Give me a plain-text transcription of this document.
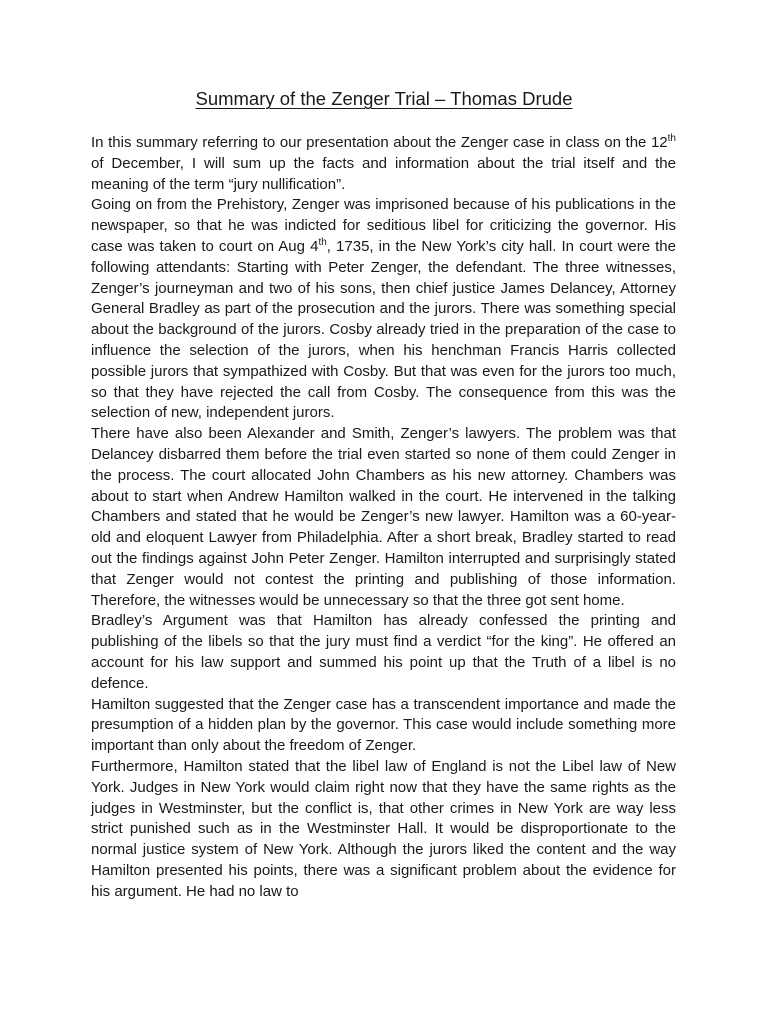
Summary of the Zenger Trial – Thomas Drude

In this summary referring to our presentation about the Zenger case in class on the 12th of December, I will sum up the facts and information about the trial itself and the meaning of the term “jury nullification”.

Going on from the Prehistory, Zenger was imprisoned because of his publications in the newspaper, so that he was indicted for seditious libel for criticizing the governor. His case was taken to court on Aug 4th, 1735, in the New York’s city hall. In court were the following attendants: Starting with Peter Zenger, the defendant. The three witnesses, Zenger’s journeyman and two of his sons, then chief justice James Delancey, Attorney General Bradley as part of the prosecution and the jurors. There was something special about the background of the jurors. Cosby already tried in the preparation of the case to influence the selection of the jurors, when his henchman Francis Harris collected possible jurors that sympathized with Cosby. But that was even for the jurors too much, so that they have rejected the call from Cosby. The consequence from this was the selection of new, independent jurors.

There have also been Alexander and Smith, Zenger’s lawyers. The problem was that Delancey disbarred them before the trial even started so none of them could Zenger in the process. The court allocated John Chambers as his new attorney. Chambers was about to start when Andrew Hamilton walked in the court. He intervened in the talking Chambers and stated that he would be Zenger’s new lawyer. Hamilton was a 60-year-old and eloquent Lawyer from Philadelphia. After a short break, Bradley started to read out the findings against John Peter Zenger. Hamilton interrupted and surprisingly stated that Zenger would not contest the printing and publishing of those information. Therefore, the witnesses would be unnecessary so that the three got sent home.

Bradley’s Argument was that Hamilton has already confessed the printing and publishing of the libels so that the jury must find a verdict “for the king”. He offered an account for his law support and summed his point up that the Truth of a libel is no defence.

Hamilton suggested that the Zenger case has a transcendent importance and made the presumption of a hidden plan by the governor. This case would include something more important than only about the freedom of Zenger.

Furthermore, Hamilton stated that the libel law of England is not the Libel law of New York. Judges in New York would claim right now that they have the same rights as the judges in Westminster, but the conflict is, that other crimes in New York are way less strict punished such as in the Westminster Hall. It would be disproportionate to the normal justice system of New York. Although the jurors liked the content and the way Hamilton presented his points, there was a significant problem about the evidence for his argument. He had no law to
